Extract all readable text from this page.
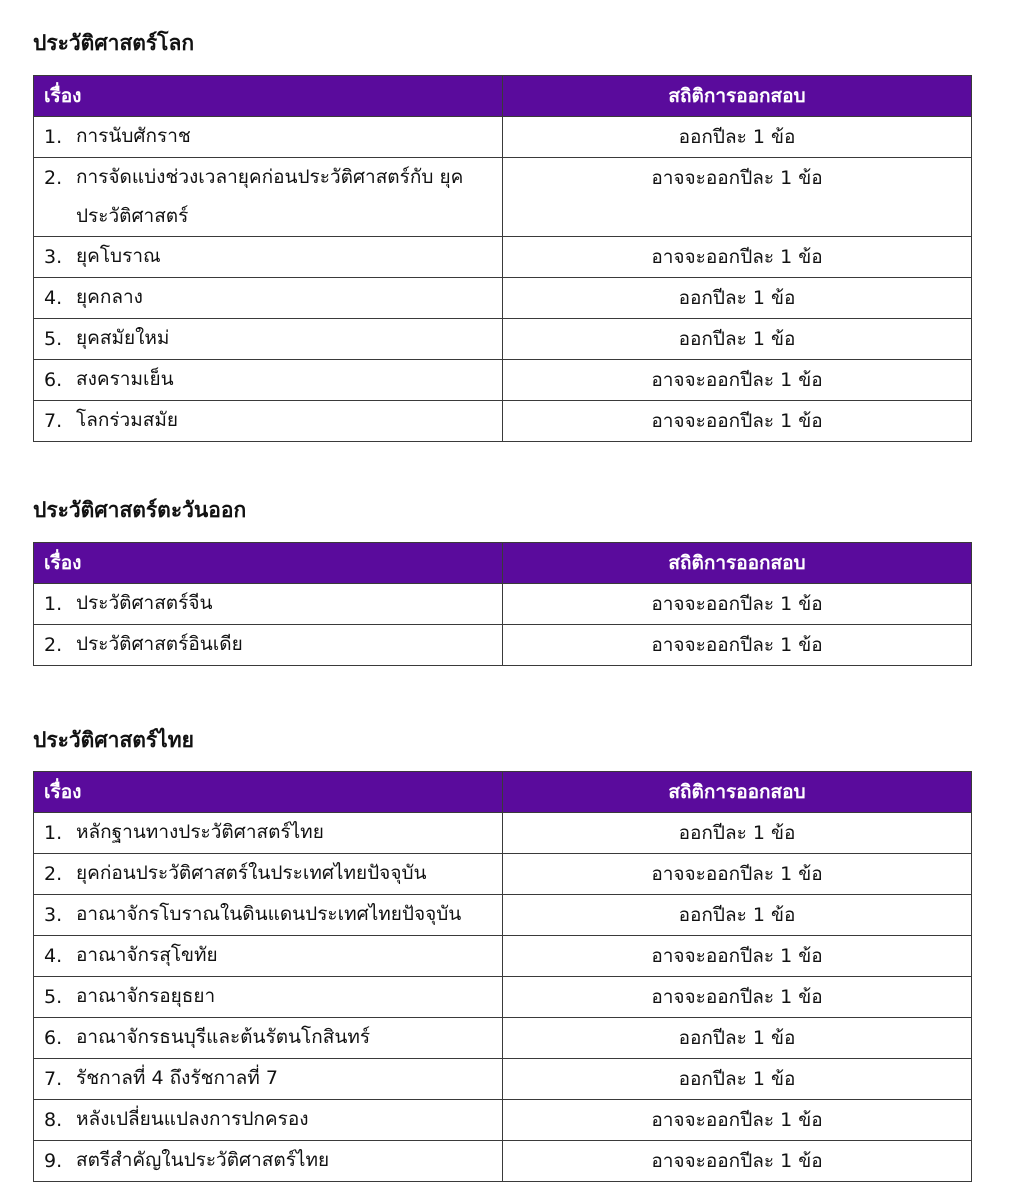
ประวัติศาสตร์โลก
เรื่อง	สถิติการออกสอบ

1. การนับศักราช	ออกปีละ 1 ข้อ

2. การจัดแบ่งช่วงเวลายุคก่อนประวัติศาสตร์กับ ยุคประวัติศาสตร์	อาจจะออกปีละ 1 ข้อ

3. ยุคโบราณ	อาจจะออกปีละ 1 ข้อ

4. ยุคกลาง	ออกปีละ 1 ข้อ

5. ยุคสมัยใหม่	ออกปีละ 1 ข้อ

6. สงครามเย็น	อาจจะออกปีละ 1 ข้อ

7. โลกร่วมสมัย	อาจจะออกปีละ 1 ข้อ
ประวัติศาสตร์ตะวันออก
เรื่อง	สถิติการออกสอบ

1. ประวัติศาสตร์จีน	อาจจะออกปีละ 1 ข้อ

2. ประวัติศาสตร์อินเดีย	อาจจะออกปีละ 1 ข้อ
ประวัติศาสตร์ไทย
เรื่อง	สถิติการออกสอบ

1. หลักฐานทางประวัติศาสตร์ไทย	ออกปีละ 1 ข้อ

2. ยุคก่อนประวัติศาสตร์ในประเทศไทยปัจจุบัน	อาจจะออกปีละ 1 ข้อ

3. อาณาจักรโบราณในดินแดนประเทศไทยปัจจุบัน	ออกปีละ 1 ข้อ

4. อาณาจักรสุโขทัย	อาจจะออกปีละ 1 ข้อ

5. อาณาจักรอยุธยา	อาจจะออกปีละ 1 ข้อ

6. อาณาจักรธนบุรีและต้นรัตนโกสินทร์	ออกปีละ 1 ข้อ

7. รัชกาลที่ 4 ถึงรัชกาลที่ 7	ออกปีละ 1 ข้อ

8. หลังเปลี่ยนแปลงการปกครอง	อาจจะออกปีละ 1 ข้อ

9. สตรีสำคัญในประวัติศาสตร์ไทย	อาจจะออกปีละ 1 ข้อ
